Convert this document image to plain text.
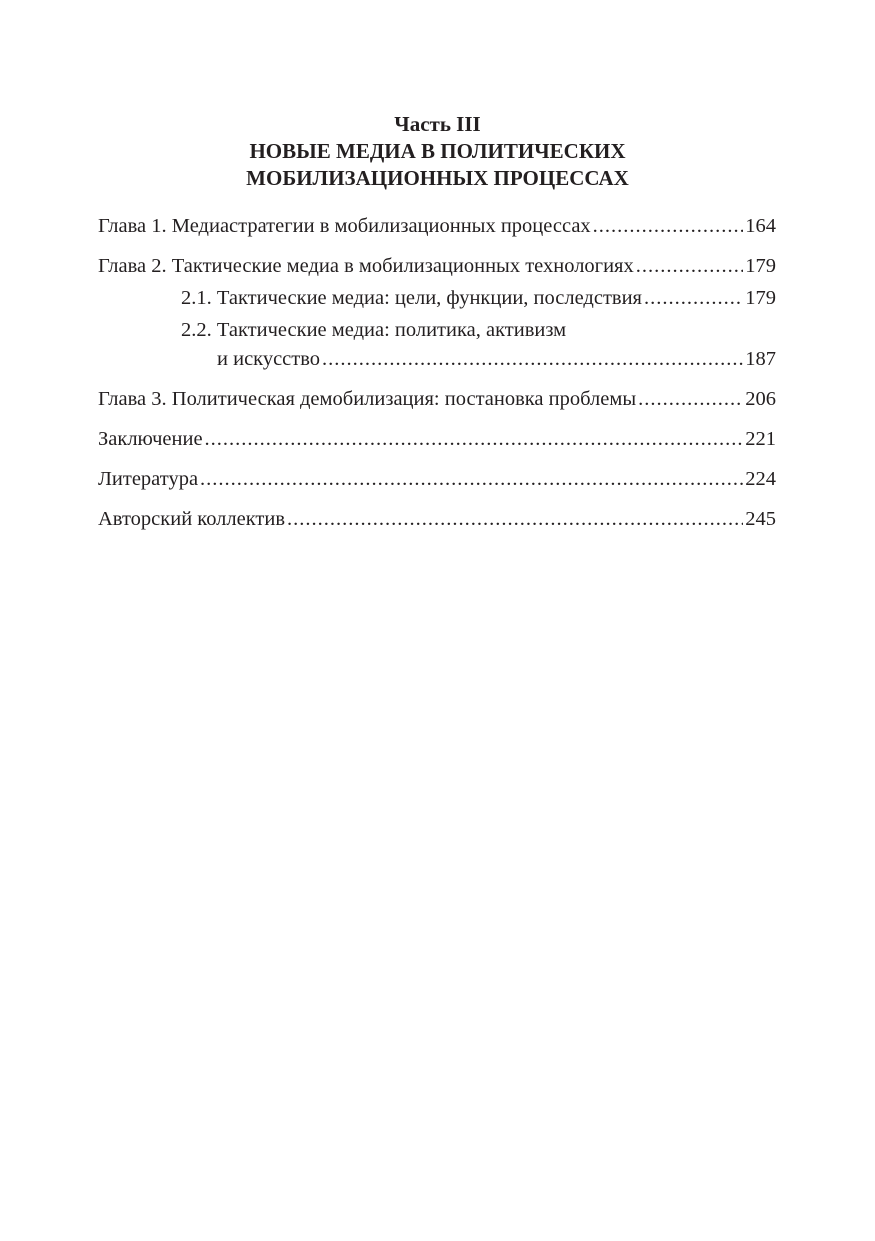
Часть III
НОВЫЕ МЕДИА В ПОЛИТИЧЕСКИХ
МОБИЛИЗАЦИОННЫХ ПРОЦЕССАХ
Глава 1. Медиастратегии в мобилизационных процессах .....	164
Глава 2. Тактические медиа в мобилизационных технологиях .....	179
2.1. Тактические медиа: цели, функции, последствия .....	179
2.2. Тактические медиа: политика, активизм
и искусство .....	187
Глава 3. Политическая демобилизация: постановка проблемы .....	206
Заключение .....	221
Литература .....	224
Авторский коллектив .....	245
